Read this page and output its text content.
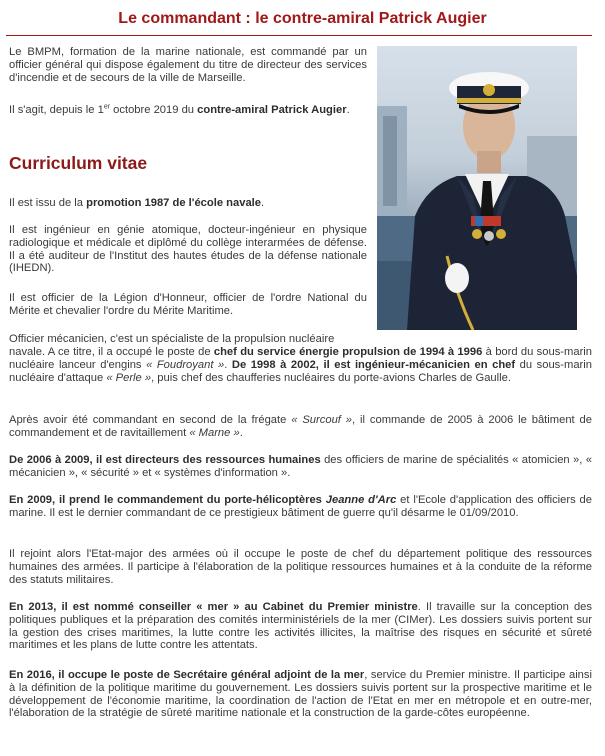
Le commandant : le contre-amiral Patrick Augier

Le BMPM, formation de la marine nationale, est commandé par un officier général qui dispose également du titre de directeur des services d'incendie et de secours de la ville de Marseille.

Il s'agit, depuis le 1er octobre 2019 du contre-amiral Patrick Augier.

Curriculum vitae

Il est issu de la promotion 1987 de l'école navale.

Il est ingénieur en génie atomique, docteur-ingénieur en physique radiologique et médicale et diplômé du collège interarmées de défense. Il a été auditeur de l'Institut des hautes études de la défense nationale (IHEDN).

Il est officier de la Légion d'Honneur, officier de l'ordre National du Mérite et chevalier l'ordre du Mérite Maritime.

Officier mécanicien, c'est un spécialiste de la propulsion nucléaire

navale. A ce titre, il a occupé le poste de chef du service énergie propulsion de 1994 à 1996 à bord du sous-marin nucléaire lanceur d'engins « Foudroyant ». De 1998 à 2002, il est ingénieur-mécanicien en chef du sous-marin nucléaire d'attaque « Perle », puis chef des chaufferies nucléaires du porte-avions Charles de Gaulle.

Après avoir été commandant en second de la frégate « Surcouf », il commande de 2005 à 2006 le bâtiment de commandement et de ravitaillement « Marne ».

De 2006 à 2009, il est directeurs des ressources humaines des officiers de marine de spécialités « atomicien », « mécanicien », « sécurité » et « systèmes d'information ».

En 2009, il prend le commandement du porte-hélicoptères Jeanne d'Arc et l'Ecole d'application des officiers de marine. Il est le dernier commandant de ce prestigieux bâtiment de guerre qu'il désarme le 01/09/2010.

Il rejoint alors l'Etat-major des armées où il occupe le poste de chef du département politique des ressources humaines des armées. Il participe à l'élaboration de la politique ressources humaines et à la conduite de la réforme des statuts militaires.

En 2013, il est nommé conseiller « mer » au Cabinet du Premier ministre. Il travaille sur la conception des politiques publiques et la préparation des comités interministériels de la mer (CIMer). Les dossiers suivis portent sur la gestion des crises maritimes, la lutte contre les activités illicites, la maîtrise des risques en sécurité et sûreté maritimes et les plans de lutte contre les attentats.

En 2016, il occupe le poste de Secrétaire général adjoint de la mer, service du Premier ministre. Il participe ainsi à la définition de la politique maritime du gouvernement. Les dossiers suivis portent sur la prospective maritime et le développement de l'économie maritime, la coordination de l'action de l'Etat en mer en métropole et en outre-mer, l'élaboration de la stratégie de sûreté maritime nationale et la construction de la garde-côtes européenne.
